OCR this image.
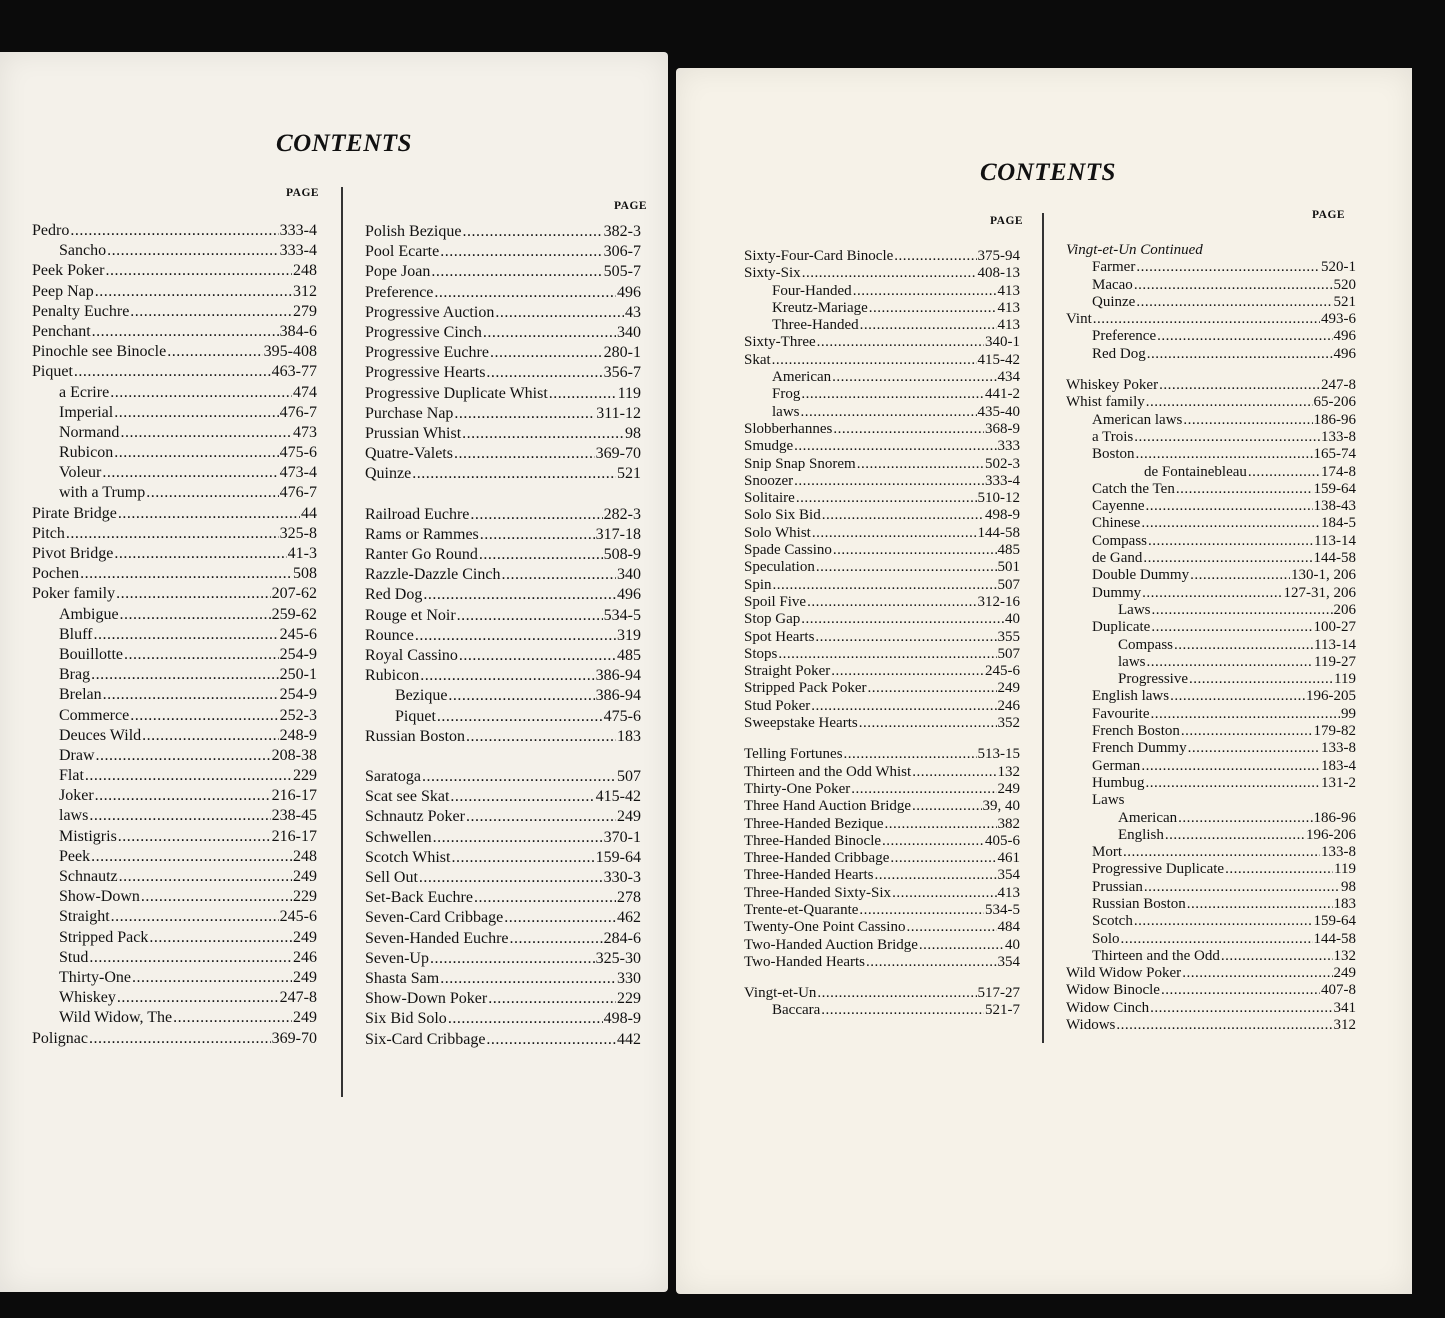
CONTENTS
PAGE
PAGE
Pedro .....	333-4
Sancho .....	333-4
Peek Poker .....	248
Peep Nap .....	312
Penalty Euchre .....	279
Penchant .....	384-6
Pinochle see Binocle .....	395-408
Piquet .....	463-77
a Ecrire .....	474
Imperial .....	476-7
Normand .....	473
Rubicon .....	475-6
Voleur .....	473-4
with a Trump .....	476-7
Pirate Bridge .....	44
Pitch .....	325-8
Pivot Bridge .....	41-3
Pochen .....	508
Poker family .....	207-62
Ambigue .....	259-62
Bluff .....	245-6
Bouillotte .....	254-9
Brag .....	250-1
Brelan .....	254-9
Commerce .....	252-3
Deuces Wild .....	248-9
Draw .....	208-38
Flat .....	229
Joker .....	216-17
laws .....	238-45
Mistigris .....	216-17
Peek .....	248
Schnautz .....	249
Show-Down .....	229
Straight .....	245-6
Stripped Pack .....	249
Stud .....	246
Thirty-One .....	249
Whiskey .....	247-8
Wild Widow, The .....	249
Polignac .....	369-70
Polish Bezique .....	382-3
Pool Ecarte .....	306-7
Pope Joan .....	505-7
Preference .....	496
Progressive Auction .....	43
Progressive Cinch .....	340
Progressive Euchre .....	280-1
Progressive Hearts .....	356-7
Progressive Duplicate Whist .....	119
Purchase Nap .....	311-12
Prussian Whist .....	98
Quatre-Valets .....	369-70
Quinze .....	521
Railroad Euchre .....	282-3
Rams or Rammes .....	317-18
Ranter Go Round .....	508-9
Razzle-Dazzle Cinch .....	340
Red Dog .....	496
Rouge et Noir .....	534-5
Rounce .....	319
Royal Cassino .....	485
Rubicon .....	386-94
Bezique .....	386-94
Piquet .....	475-6
Russian Boston .....	183
Saratoga .....	507
Scat see Skat .....	415-42
Schnautz Poker .....	249
Schwellen .....	370-1
Scotch Whist .....	159-64
Sell Out .....	330-3
Set-Back Euchre .....	278
Seven-Card Cribbage .....	462
Seven-Handed Euchre .....	284-6
Seven-Up .....	325-30
Shasta Sam .....	330
Show-Down Poker .....	229
Six Bid Solo .....	498-9
Six-Card Cribbage .....	442
CONTENTS
PAGE	PAGE
Sixty-Four-Card Binocle .....	375-94
Sixty-Six .....	408-13
Four-Handed .....	413
Kreutz-Mariage .....	413
Three-Handed .....	413
Sixty-Three .....	340-1
Skat .....	415-42
American .....	434
Frog .....	441-2
laws .....	435-40
Slobberhannes .....	368-9
Smudge .....	333
Snip Snap Snorem .....	502-3
Snoozer .....	333-4
Solitaire .....	510-12
Solo Six Bid .....	498-9
Solo Whist .....	144-58
Spade Cassino .....	485
Speculation .....	501
Spin .....	507
Spoil Five .....	312-16
Stop Gap .....	40
Spot Hearts .....	355
Stops .....	507
Straight Poker .....	245-6
Stripped Pack Poker .....	249
Stud Poker .....	246
Sweepstake Hearts .....	352
Telling Fortunes .....	513-15
Thirteen and the Odd Whist .....	132
Thirty-One Poker .....	249
Three Hand Auction Bridge .....	39, 40
Three-Handed Bezique .....	382
Three-Handed Binocle .....	405-6
Three-Handed Cribbage .....	461
Three-Handed Hearts .....	354
Three-Handed Sixty-Six .....	413
Trente-et-Quarante .....	534-5
Twenty-One Point Cassino .....	484
Two-Handed Auction Bridge .....	40
Two-Handed Hearts .....	354
Vingt-et-Un .....	517-27
Baccara .....	521-7
Vingt-et-Un Continued
Farmer .....	520-1
Macao .....	520
Quinze .....	521
Vint .....	493-6
Preference .....	496
Red Dog .....	496
Whiskey Poker .....	247-8
Whist family .....	65-206
American laws .....	186-96
a Trois .....	133-8
Boston .....	165-74
de Fontainebleau .....	174-8
Catch the Ten .....	159-64
Cayenne .....	138-43
Chinese .....	184-5
Compass .....	113-14
de Gand .....	144-58
Double Dummy .....	130-1, 206
Dummy .....	127-31, 206
Laws .....	206
Duplicate .....	100-27
Compass .....	113-14
laws .....	119-27
Progressive .....	119
English laws .....	196-205
Favourite .....	99
French Boston .....	179-82
French Dummy .....	133-8
German .....	183-4
Humbug .....	131-2
Laws
American .....	186-96
English .....	196-206
Mort .....	133-8
Progressive Duplicate .....	119
Prussian .....	98
Russian Boston .....	183
Scotch .....	159-64
Solo .....	144-58
Thirteen and the Odd .....	132
Wild Widow Poker .....	249
Widow Binocle .....	407-8
Widow Cinch .....	341
Widows .....	312
